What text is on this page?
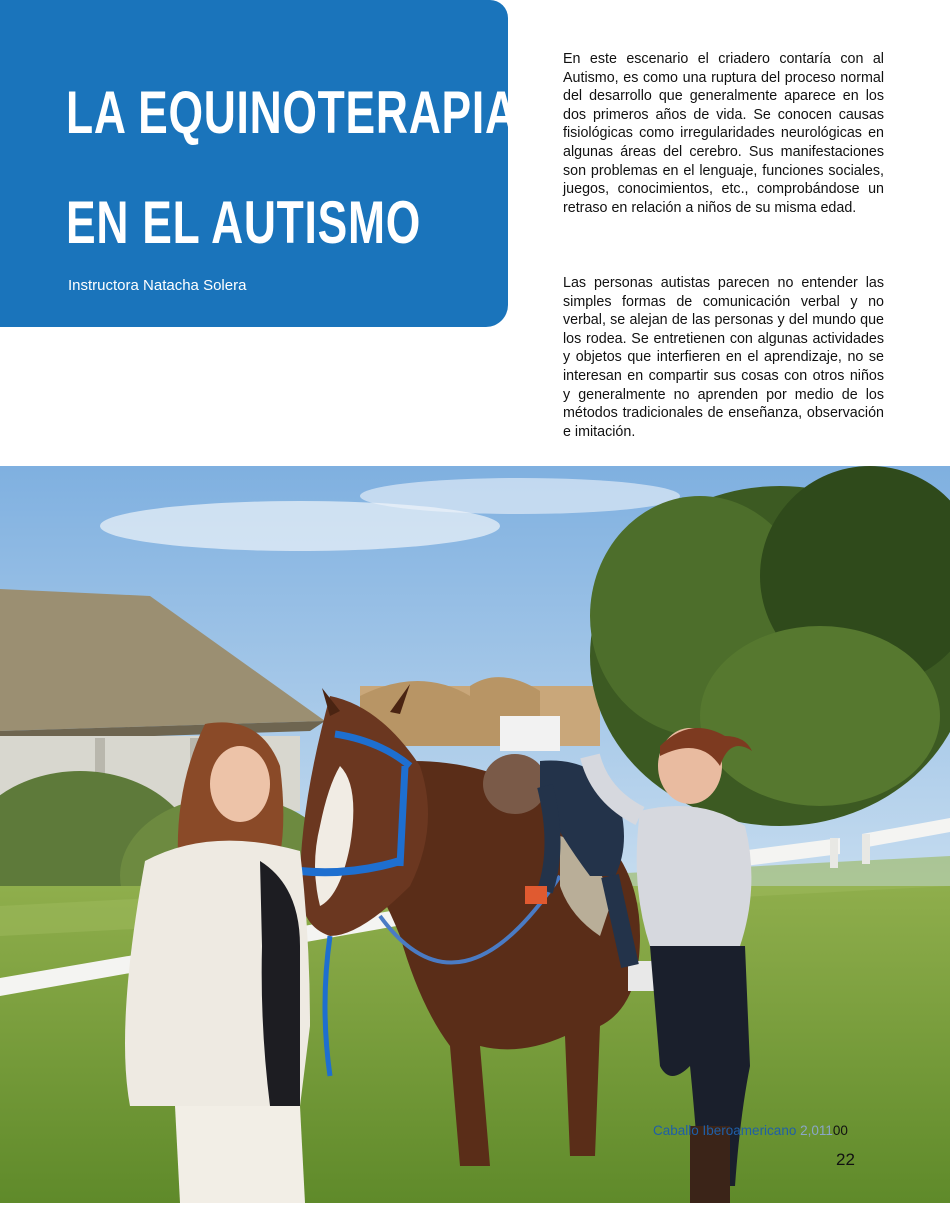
LA EQUINOTERAPIA
EN EL AUTISMO
Instructora Natacha Solera

En este escenario el criadero contaría con al Autismo, es como una ruptura del proceso normal del desarrollo que generalmente aparece en los dos primeros años de vida. Se conocen causas fisiológicas como irregularidades neurológicas en algunas áreas del cerebro. Sus manifestaciones son problemas en el lenguaje, funciones sociales, juegos, conocimientos, etc., comprobándose un retraso en relación a niños de su misma edad.

Las personas autistas parecen no entender las simples formas de comunicación verbal y no verbal, se alejan de las personas y del mundo que los rodea. Se entretienen con algunas actividades y objetos que interfieren en el aprendizaje, no se interesan en compartir sus cosas con otros niños y generalmente no aprenden por medio de los métodos tradicionales de enseñanza, observación e imitación.

Caballo Iberoamericano 2,01100
22
